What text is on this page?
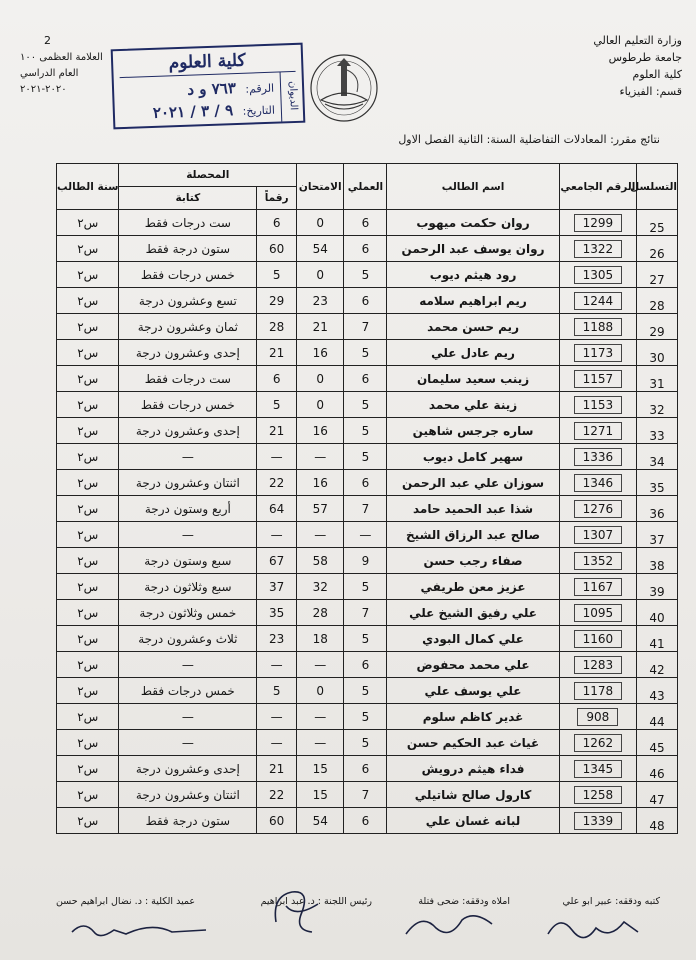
وزارة التعليم العالي
جامعة طرطوس
كلية العلوم
قسم: الفيزياء
2
العلامة العظمى ١٠٠
العام الدراسي ٢٠٢٠-٢٠٢١
كلية العلوم
الرقم: ٧٦٣ و د
التاريخ: ٩ / ٣ / ٢٠٢١	الديوان
نتائج مقرر: المعادلات التفاضلية السنة: الثانية الفصل الاول
التسلسل	الرقم الجامعي	اسم الطالب	العملي	الامتحان	المحصلة		سنة الطالب
					رقماً	كتابة	
25	1299	روان حكمت ميهوب	6	0	6	ست درجات فقط	س٢
26	1322	روان يوسف عبد الرحمن	6	54	60	ستون درجة فقط	س٢
27	1305	رود هيثم ديوب	5	0	5	خمس درجات فقط	س٢
28	1244	ريم ابراهيم سلامه	6	23	29	تسع وعشرون درجة	س٢
29	1188	ريم حسن محمد	7	21	28	ثمان وعشرون درجة	س٢
30	1173	ريم عادل علي	5	16	21	إحدى وعشرون درجة	س٢
31	1157	زينب سعيد سليمان	6	0	6	ست درجات فقط	س٢
32	1153	زينة علي محمد	5	0	5	خمس درجات فقط	س٢
33	1271	ساره جرجس شاهين	5	16	21	إحدى وعشرون درجة	س٢
34	1336	سهير كامل ديوب	5	—	—	—	س٢
35	1346	سوزان علي عبد الرحمن	6	16	22	اثنتان وعشرون درجة	س٢
36	1276	شذا عبد الحميد حامد	7	57	64	أربع وستون درجة	س٢
37	1307	صالح عبد الرزاق الشيخ	—	—	—	—	س٢
38	1352	صفاء رجب حسن	9	58	67	سبع وستون درجة	س٢
39	1167	عزيز معن طريفي	5	32	37	سبع وثلاثون درجة	س٢
40	1095	علي رفيق الشيخ علي	7	28	35	خمس وثلاثون درجة	س٢
41	1160	علي كمال البودي	5	18	23	ثلاث وعشرون درجة	س٢
42	1283	علي محمد محفوض	6	—	—	—	س٢
43	1178	علي يوسف علي	5	0	5	خمس درجات فقط	س٢
44	908	غدير كاظم سلوم	5	—	—	—	س٢
45	1262	غياث عبد الحكيم حسن	5	—	—	—	س٢
46	1345	فداء هيثم درويش	6	15	21	إحدى وعشرون درجة	س٢
47	1258	كارول صالح شاتيلي	7	15	22	اثنتان وعشرون درجة	س٢
48	1339	لبانه غسان علي	6	54	60	ستون درجة فقط	س٢
كتبه ودققه: عبير ابو علي
املاه ودققه: ضحى فتلة
رئيس اللجنة : د. عبد ابراهيم
عميد الكلية : د. نضال ابراهيم حسن
